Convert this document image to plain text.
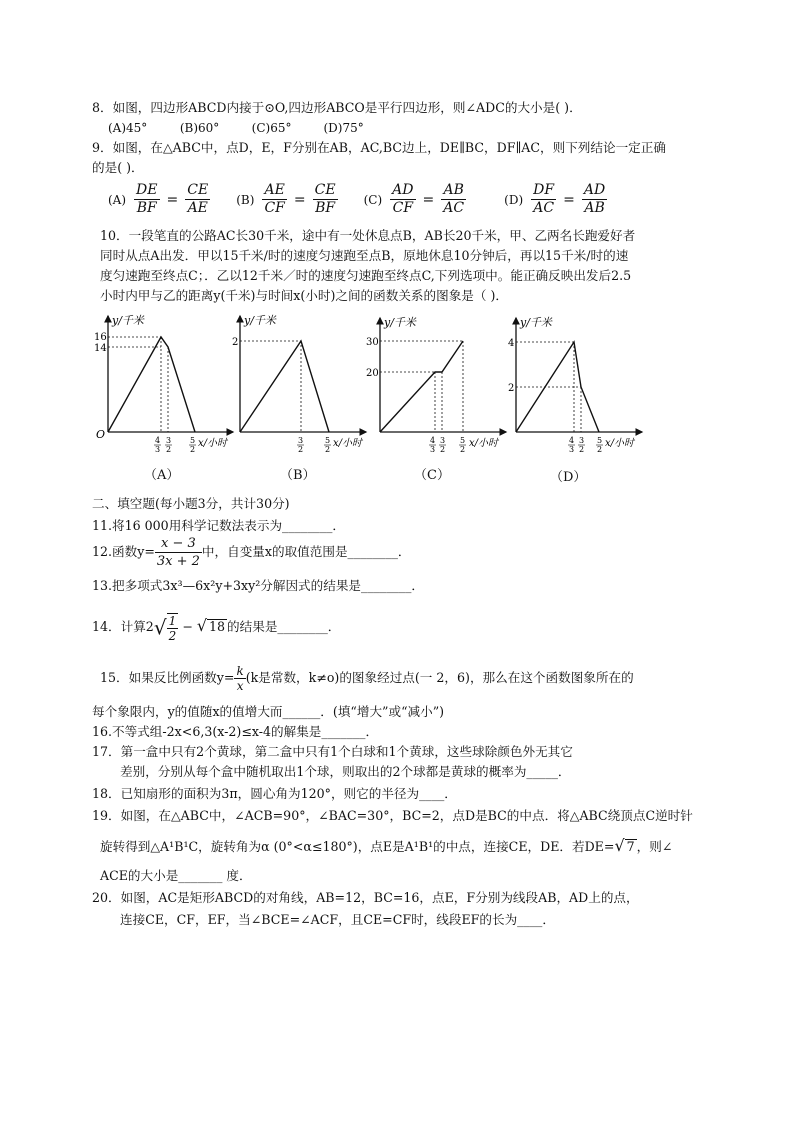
8．如图，四边形ABCD内接于⊙O,四边形ABCO是平行四边形，则∠ADC的大小是( )．
(A)45°	(B)60°	(C)65°	(D)75°
9．如图，在△ABC中，点D，E，F分别在AB，AC,BC边上，DE∥BC，DF∥AC，则下列结论一定正确
的是( )．
$(A) \frac{DE}{BF} = \frac{CE}{AE} (B) \frac{AE}{CF} = \frac{CE}{BF} (C) \frac{AD}{CF} = \frac{AB}{AC}$	$(D) \frac{DF}{AC} = \frac{AD}{AB}$
10．一段笔直的公路AC长30千米，途中有一处休息点B，AB长20千米，甲、乙两名长跑爱好者
同时从点A出发．甲以15千米/时的速度匀速跑至点B，原地休息10分钟后，再以15千米/时的速
度匀速跑至终点C；．乙以12千米／时的速度匀速跑至终点C,下列选项中。能正确反映出发后2.5
小时内甲与乙的距离y(千米)与时间x(小时)之间的函数关系的图象是（ )．
y/千米
16
14
O	4
3
3
2
5
2
x/小时
（A）
y/千米
2
3
2
5
2
x/小时
（B）
y/千米
30
20
4
3
3
2
5
2
x/小时
（C）
y/千米
4
2
4
3
3
2
5
2
x/小时
（D）
二、填空题(每小题3分，共计30分)
11.将16 000用科学记数法表示为________．
12.函数$y= \frac{x - 3}{3x + 2}$ 中，自变量x的取值范围是________．
13.把多项式3x³—6x²y+3xy²分解因式的结果是________．
14．计算$2√ \frac{1}{2}$ − √ 18 的结果是________．
15．如果反比例函数$y= \frac{k}{x} (k$是常数，k≠o)的图象经过点(一 2，6)，那么在这个函数图象所在的
每个象限内，y的值随x的值增大而______．(填“增大”或“减小”)
16.不等式组-2x<6,3(x-2)≤x-4的解集是_______．
17．第一盒中只有2个黄球，第二盒中只有1个白球和1个黄球，这些球除颜色外无其它
差别，分别从每个盒中随机取出1个球，则取出的2个球都是黄球的概率为_____．
18．已知扇形的面积为3π，圆心角为120°，则它的半径为____．
19．如图，在△ABC中，∠ACB=90°，∠BAC=30°，BC=2，点D是BC的中点．将△ABC绕顶点C逆时针
旋转得到△A¹B¹C，旋转角为α (0°<α≤180°)，点E是A¹B¹的中点，连接CE，DE．若DE=√ 7 ，则∠
ACE的大小是_______ 度．
20．如图，AC是矩形ABCD的对角线，AB=12，BC=16，点E，F分别为线段AB，AD上的点，
连接CE，CF，EF，当∠BCE=∠ACF，且CE=CF时，线段EF的长为____．
